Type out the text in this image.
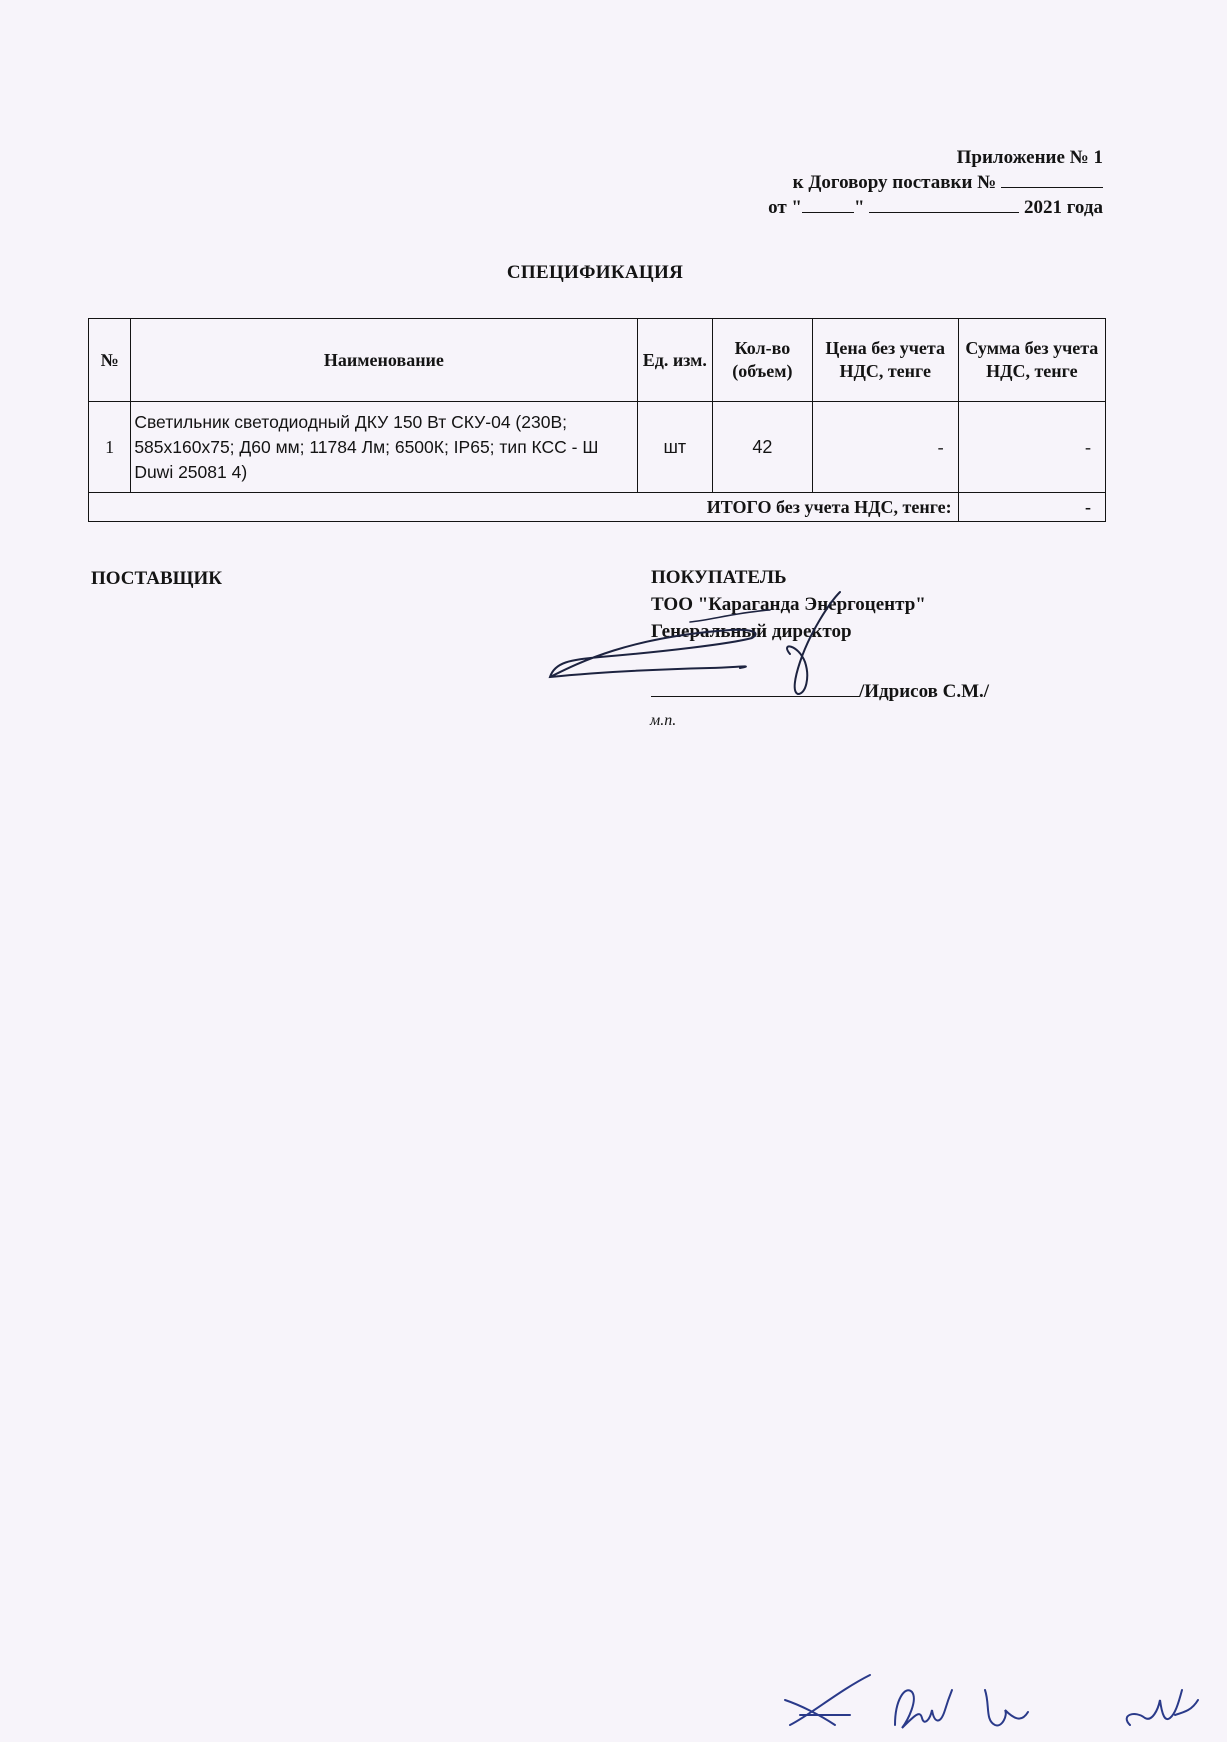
Приложение № 1
к Договору поставки №
от "	"	2021 года
СПЕЦИФИКАЦИЯ
№	Наименование	Ед. изм.	Кол-во (объем)	Цена без учета НДС, тенге	Сумма без учета НДС, тенге
1	Светильник светодиодный ДКУ 150 Вт СКУ-04 (230В; 585x160x75; Д60 мм; 11784 Лм; 6500К; IP65; тип КСС - Ш Duwi 25081 4)	шт	42	-	-
ИТОГО без учета НДС, тенге:					-
ПОСТАВЩИК	ПОКУПАТЕЛЬ
ТОО "Караганда Энергоцентр"
Генеральный директор
/Идрисов С.М./
м.п.
